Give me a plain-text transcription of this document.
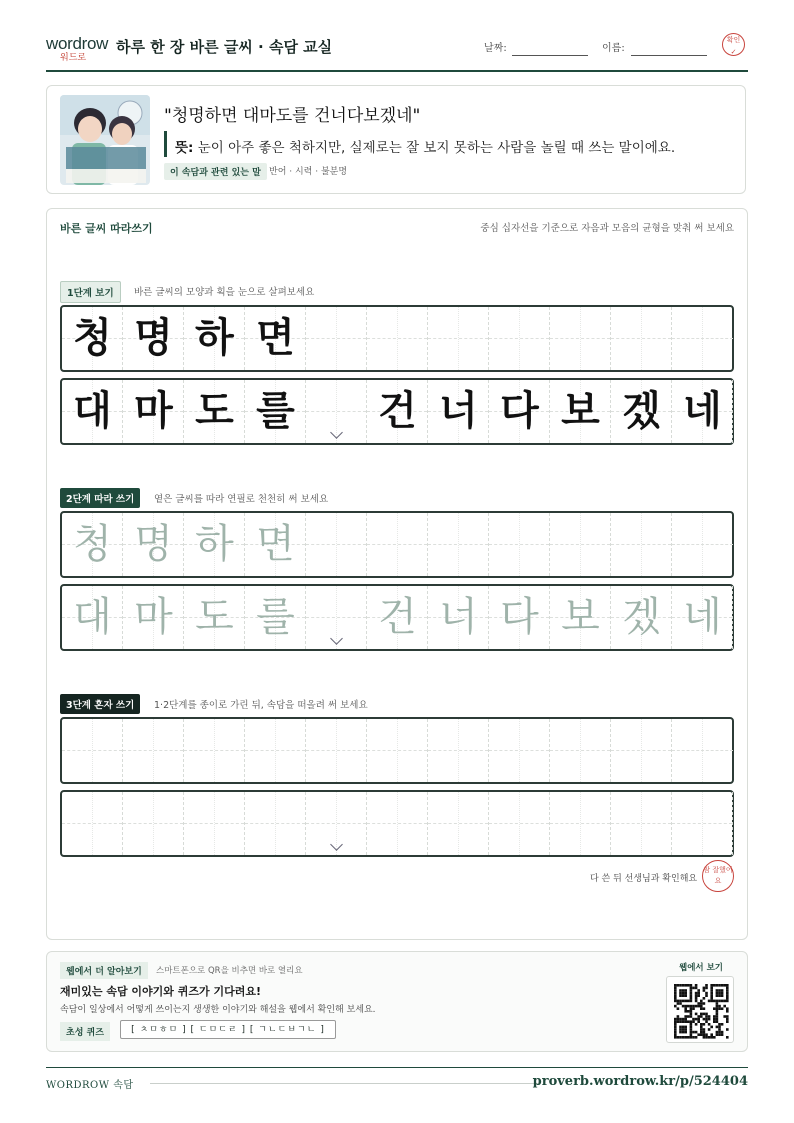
wordrow
워드로
하루 한 장 바른 글씨 · 속담 교실	날짜:	이름:
확인
✓
"청명하면 대마도를 건너다보겠네"
뜻: 눈이 아주 좋은 척하지만, 실제로는 잘 보지 못하는 사람을 놀릴 때 쓰는 말이에요.
이 속담과 관련 있는 말 반어 · 시력 · 불분명
바른 글씨 따라쓰기	중심 십자선을 기준으로 자음과 모음의 균형을 맞춰 써 보세요
1단계 보기	바른 글씨의 모양과 획을 눈으로 살펴보세요
2단계 따라 쓰기	옅은 글씨를 따라 연필로 천천히 써 보세요
3단계 혼자 쓰기	1·2단계를 종이로 가린 뒤, 속담을 떠올려 써 보세요
청 명 하 면
대 마 도 를 건 너 다 보 겠 네
청 명 하 면
대 마 도 를 건 너 다 보 겠 네
다 쓴 뒤 선생님과 확인해요
참 잘했어요
웹에서 더 알아보기	스마트폰으로 QR을 비추면 바로 열리요
재미있는 속담 이야기와 퀴즈가 기다려요!
속담이 일상에서 어떻게 쓰이는지 생생한 이야기와 해설을 웹에서 확인해 보세요.
초성 퀴즈	[ ㅊㅁㅎㅁ ] [ ㄷㅁㄷㄹ ] [ ㄱㄴㄷㅂㄱㄴ ]
웹에서 보기
WORDROW 속담	proverb.wordrow.kr/p/524404
